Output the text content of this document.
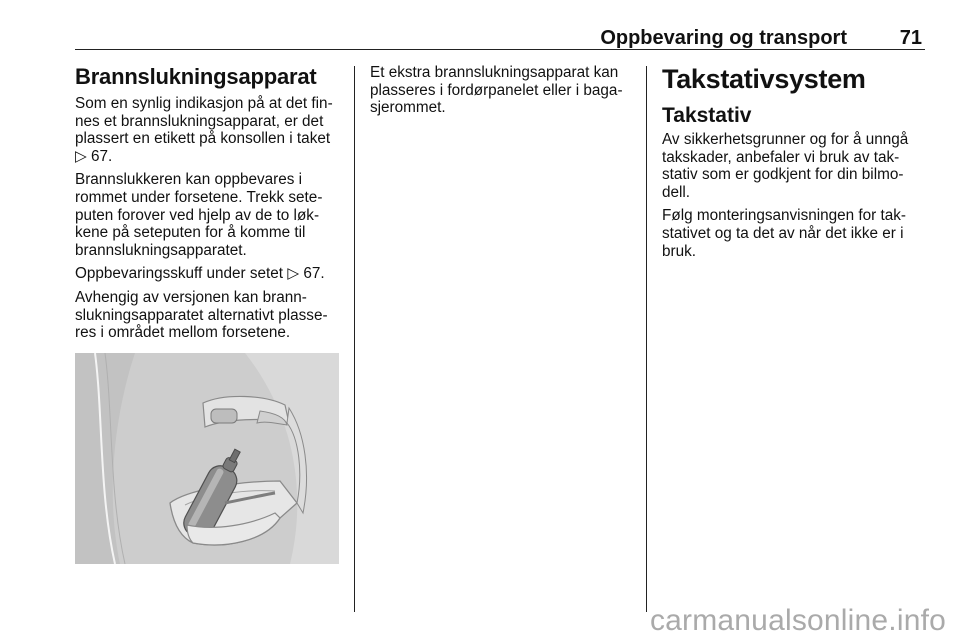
Oppbevaring og transport	71
Brannslukningsapparat

Som en synlig indikasjon på at det finnes et brannslukningsapparat, er det plassert en etikett på konsollen i taket
▷ 67.

Brannslukkeren kan oppbevares i rommet under forsetene. Trekk seteputen forover ved hjelp av de to løkkene på seteputen for å komme til brannslukningsapparatet.

Oppbevaringsskuff under setet ▷ 67.

Avhengig av versjonen kan brannslukningsapparatet alternativt plasseres i området mellom forsetene.

Et ekstra brannslukningsapparat kan plasseres i fordørpanelet eller i bagasjerommet.

Takstativsystem
Takstativ

Av sikkerhetsgrunner og for å unngå takskader, anbefaler vi bruk av takstativ som er godkjent for din bilmodell.

Følg monteringsanvisningen for takstativet og ta det av når det ikke er i bruk.

carmanualsonline.info
